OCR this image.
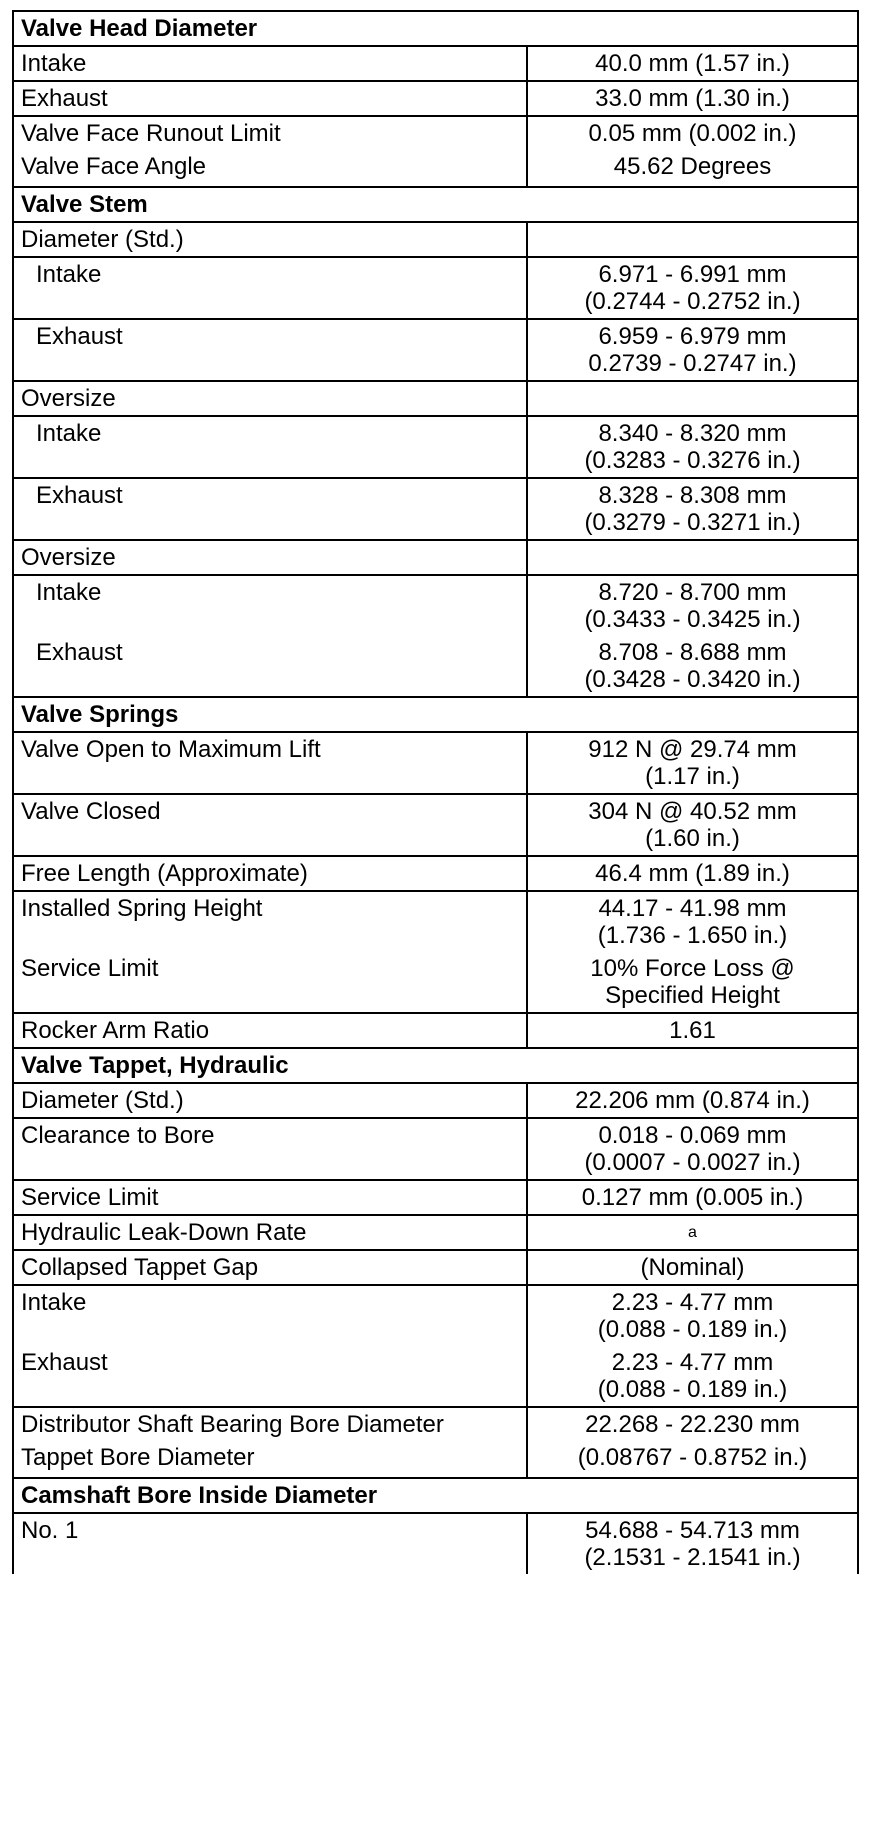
Valve Head Diameter	
Intake	40.0 mm (1.57 in.)
Exhaust	33.0 mm (1.30 in.)
Valve Face Runout Limit	0.05 mm (0.002 in.)
Valve Face Angle	45.62 Degrees
Valve Stem	
Diameter (Std.)	
Intake	6.971 - 6.991 mm
(0.2744 - 0.2752 in.)

Exhaust	6.959 - 6.979 mm
0.2739 - 0.2747 in.)

Oversize	
Intake	8.340 - 8.320 mm
(0.3283 - 0.3276 in.)

Exhaust	8.328 - 8.308 mm
(0.3279 - 0.3271 in.)

Oversize	
Intake	8.720 - 8.700 mm
(0.3433 - 0.3425 in.)

Exhaust	8.708 - 8.688 mm
(0.3428 - 0.3420 in.)

Valve Springs	
Valve Open to Maximum Lift	912 N @ 29.74 mm
(1.17 in.)

Valve Closed	304 N @ 40.52 mm
(1.60 in.)

Free Length (Approximate)	46.4 mm (1.89 in.)
Installed Spring Height	44.17 - 41.98 mm
(1.736 - 1.650 in.)

Service Limit	10% Force Loss @
Specified Height

Rocker Arm Ratio	1.61
Valve Tappet, Hydraulic	
Diameter (Std.)	22.206 mm (0.874 in.)
Clearance to Bore	0.018 - 0.069 mm
(0.0007 - 0.0027 in.)

Service Limit	0.127 mm (0.005 in.)
Hydraulic Leak-Down Rate	a
Collapsed Tappet Gap	(Nominal)
Intake	2.23 - 4.77 mm
(0.088 - 0.189 in.)

Exhaust	2.23 - 4.77 mm
(0.088 - 0.189 in.)

Distributor Shaft Bearing Bore Diameter	22.268 - 22.230 mm
Tappet Bore Diameter	(0.08767 - 0.8752 in.)
Camshaft Bore Inside Diameter	
No. 1	54.688 - 54.713 mm
(2.1531 - 2.1541 in.)
